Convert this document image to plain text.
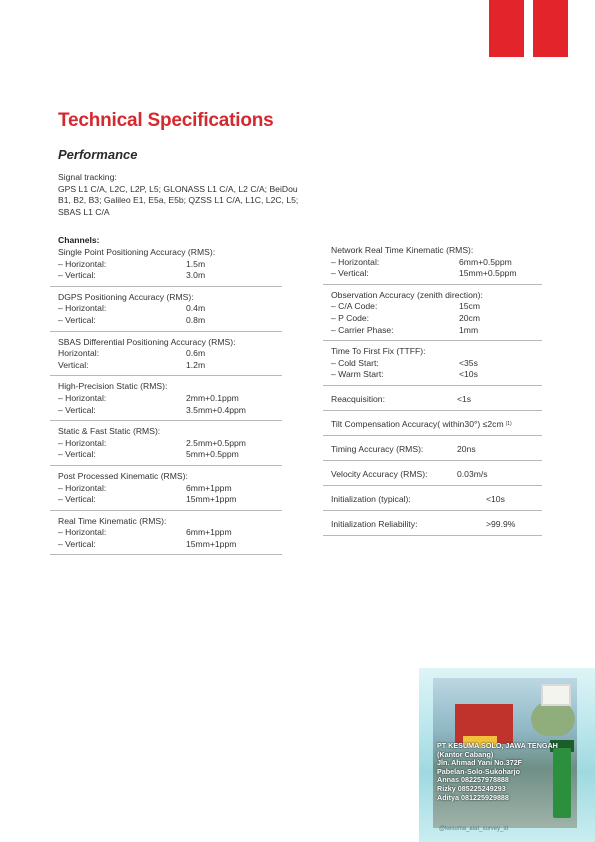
Technical Specifications
Performance
Signal tracking:
GPS L1 C/A, L2C, L2P, L5; GLONASS L1 C/A, L2 C/A; BeiDou B1, B2, B3; Galileo E1, E5a, E5b; QZSS L1 C/A, L1C, L2C, L5; SBAS L1 C/A
Channels:
Single Point Positioning Accuracy (RMS):
– Horizontal:	1.5m
– Vertical:	3.0m
DGPS Positioning Accuracy (RMS):
– Horizontal:	0.4m
– Vertical:	0.8m
SBAS Differential Positioning Accuracy (RMS):
Horizontal:	0.6m
Vertical:	1.2m
High-Precision Static (RMS):
– Horizontal:	2mm+0.1ppm
– Vertical:	3.5mm+0.4ppm
Static & Fast Static (RMS):
– Horizontal:	2.5mm+0.5ppm
– Vertical:	5mm+0.5ppm
Post Processed Kinematic (RMS):
– Horizontal:	6mm+1ppm
– Vertical:	15mm+1ppm
Real Time Kinematic (RMS):
– Horizontal:	6mm+1ppm
– Vertical:	15mm+1ppm
Network Real Time Kinematic (RMS):
– Horizontal:	6mm+0.5ppm
– Vertical:	15mm+0.5ppm
Observation Accuracy (zenith direction):
– C/A Code:	15cm
– P Code:	20cm
– Carrier Phase:	1mm
Time To First Fix (TTFF):
– Cold Start:	<35s
– Warm Start:	<10s
Reacquisition:	<1s
Tilt Compensation Accuracy( within30°) ≤2cm (1)
Timing Accuracy (RMS):	20ns
Velocity Accuracy (RMS):	0.03m/s
Initialization (typical):	<10s
Initialization Reliability:	>99.9%
PT KESUMA SOLO, JAWA TENGAH
(Kantor Cabang)
Jln. Ahmad Yani No.372F
Pabelan-Solo-Sukoharjo
Annas 082257978888
Rizky 085225249293
Aditya 081225929888
@kesuma_alat_survey_id
